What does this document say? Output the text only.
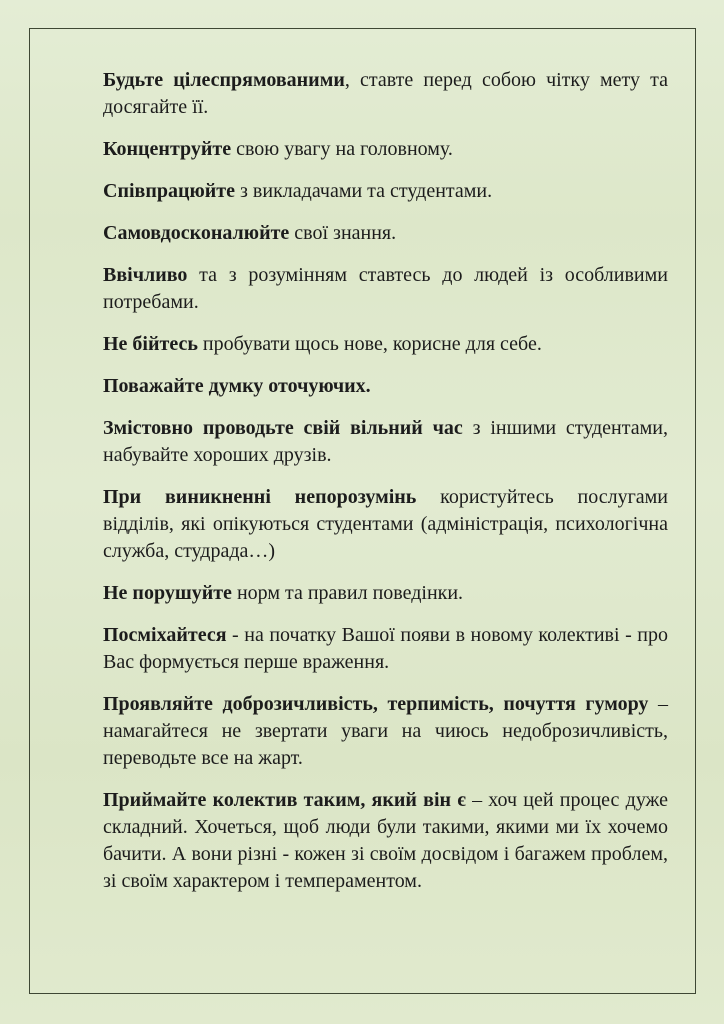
Будьте цілеспрямованими, ставте перед собою чітку мету та досягайте її.

Концентруйте свою увагу на головному.

Співпрацюйте з викладачами та студентами.

Самовдосконалюйте свої знання.

Ввічливо та з розумінням ставтесь до людей із особливими потребами.

Не бійтесь пробувати щось нове, корисне для себе.

Поважайте думку оточуючих.

Змістовно проводьте свій вільний час з іншими студентами, набувайте хороших друзів.

При виникненні непорозумінь користуйтесь послугами відділів, які опікуються студентами (адміністрація, психологічна служба, студрада…)

Не порушуйте норм та правил поведінки.

Посміхайтеся - на початку Вашої появи в новому колективі - про Вас формується перше враження.

Проявляйте доброзичливість, терпимість, почуття гумору – намагайтеся не звертати уваги на чиюсь недоброзичливість, переводьте все на жарт.

Приймайте колектив таким, який він є – хоч цей процес дуже складний. Хочеться, щоб люди були такими, якими ми їх хочемо бачити. А вони різні - кожен зі своїм досвідом і багажем проблем, зі своїм характером і темпераментом.
